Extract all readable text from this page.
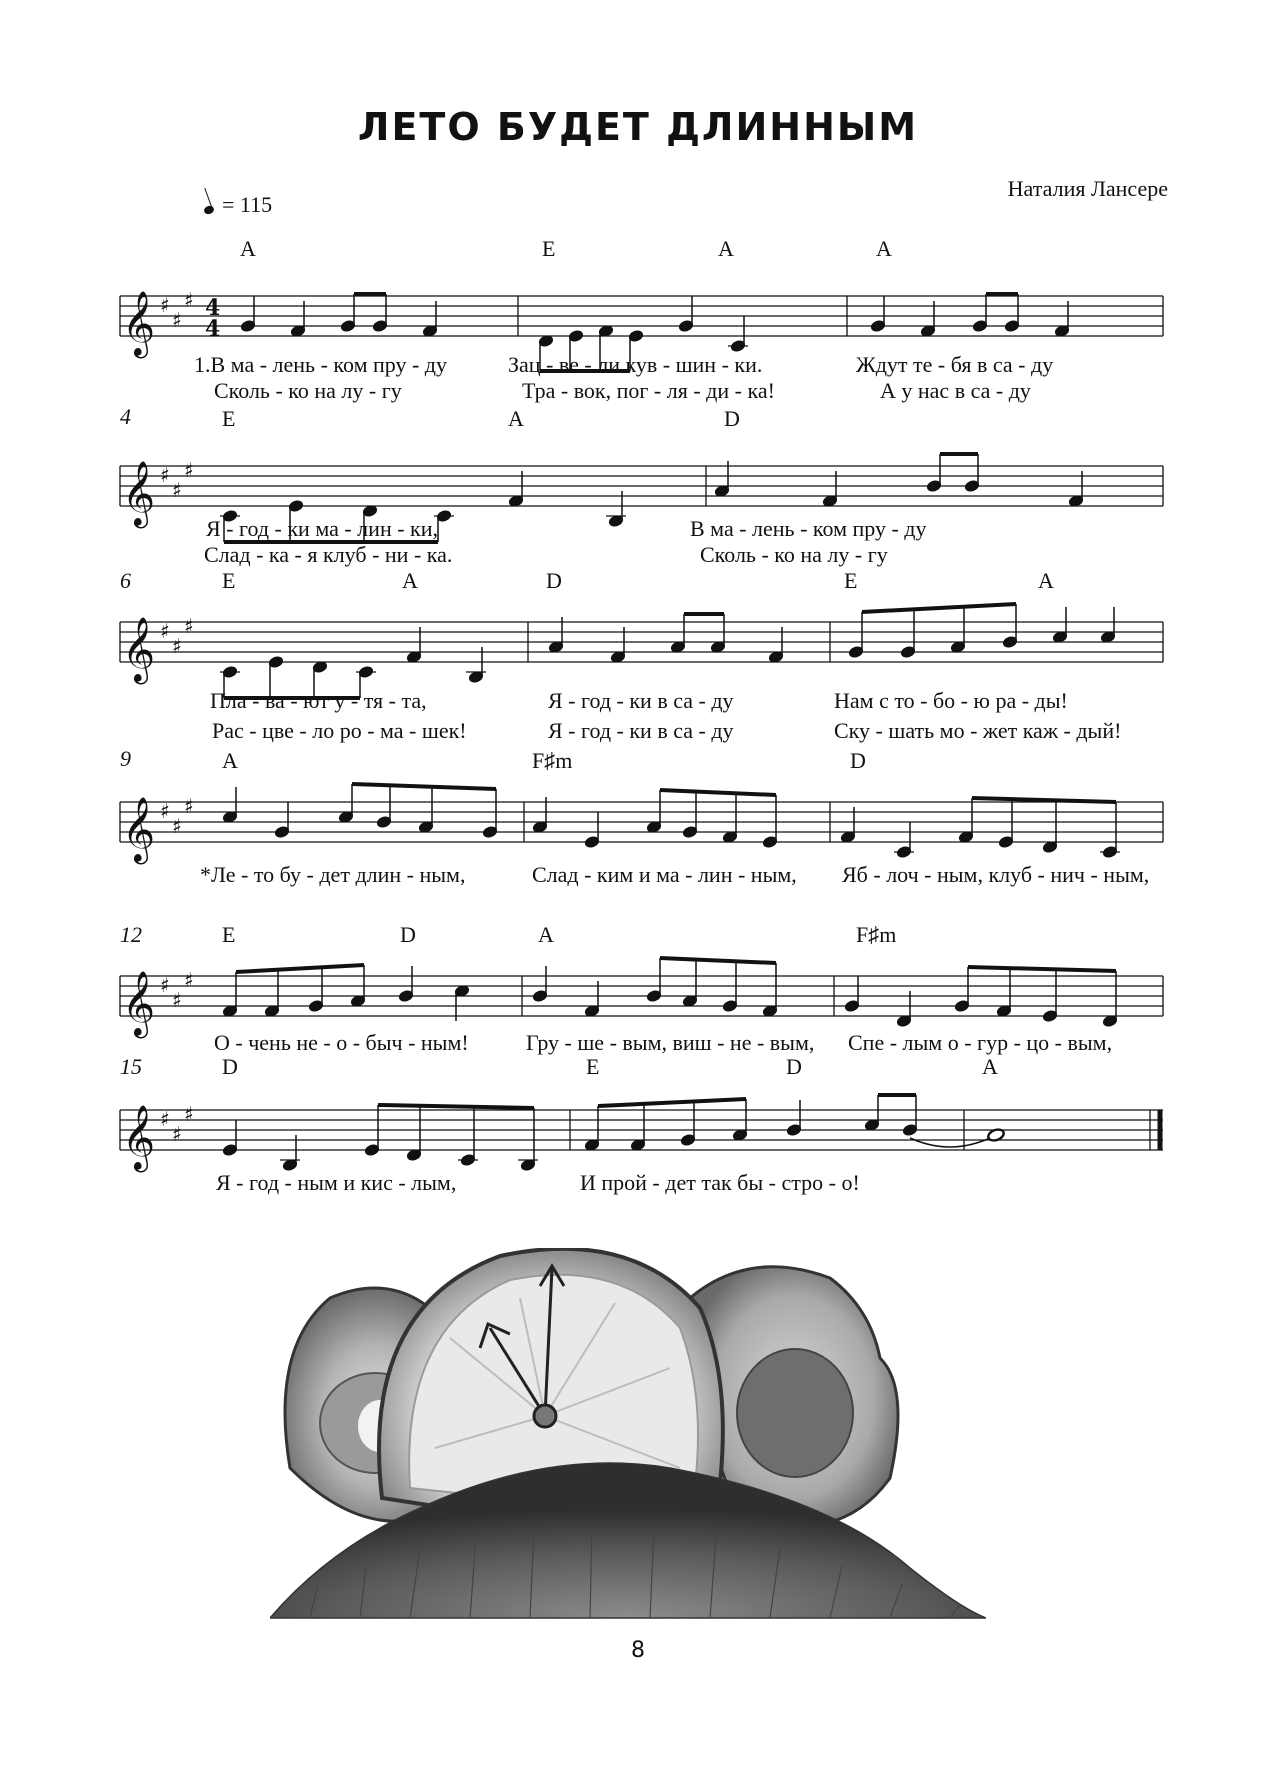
ЛЕТО БУДЕТ ДЛИННЫМ
Наталия Лансере
= 115
A	E	A	A
𝄞 ♯
♯
♯ 4
4
1.В ма - лень - ком пру - ду	Зац - ве - ли кув - шин - ки.	Ждут те - бя в са - ду
Сколь - ко на лу - гу	Тра - вок, пог - ля - ди - ка!	А у нас в са - ду
4	E	A	D
𝄞 ♯
♯
♯
Я - год - ки ма - лин - ки,	В ма - лень - ком пру - ду
Слад - ка - я клуб - ни - ка.	Сколь - ко на лу - гу
6	E	A	D	E	A
𝄞 ♯
♯
♯
Пла - ва - ют у - тя - та,	Я - год - ки в са - ду	Нам с то - бо - ю ра - ды!
Рас - цве - ло ро - ма - шек!	Я - год - ки в са - ду	Ску - шать мо - жет каж - дый!
9	A	F♯m	D
𝄞 ♯
♯
♯
*Ле - то бу - дет длин - ным,	Слад - ким и ма - лин - ным, Яб - лоч - ным, клуб - нич - ным,
12	E	D	A	F♯m
𝄞 ♯
♯
♯
О - чень не - о - быч - ным!	Гру - ше - вым, виш - не - вым, Спе - лым о - гур - цо - вым,
15	D	E	D	A
𝄞 ♯
♯
♯
Я - год - ным и кис - лым,	И прой - дет так бы - стро - о!
8
